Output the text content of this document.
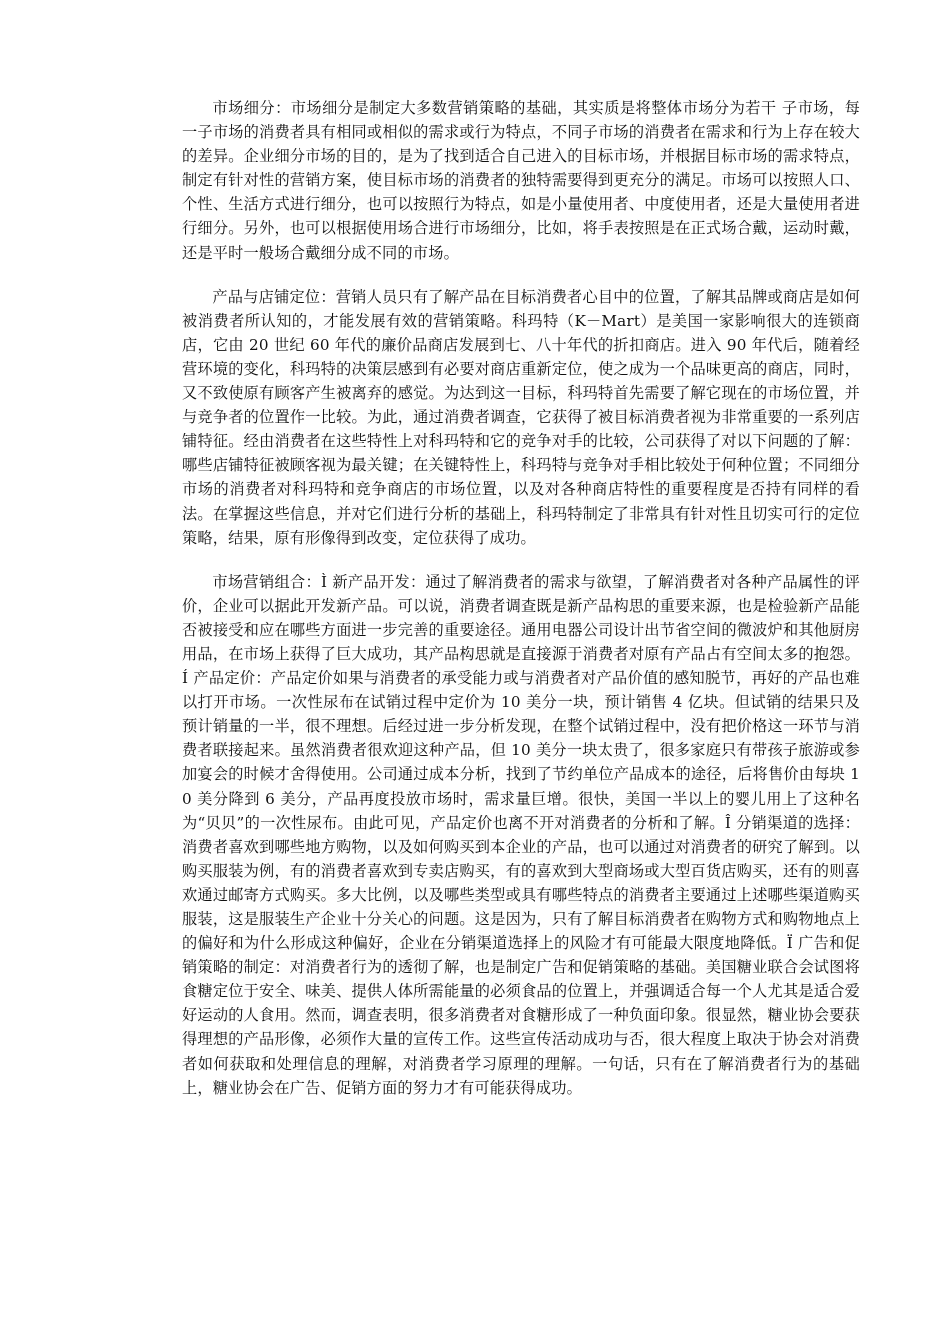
市场细分：市场细分是制定大多数营销策略的基础，其实质是将整体市场分为若干 子市场，每一子市场的消费者具有相同或相似的需求或行为特点，不同子市场的消费者在需求和行为上存在较大的差异。企业细分市场的目的，是为了找到适合自己进入的目标市场，并根据目标市场的需求特点，制定有针对性的营销方案，使目标市场的消费者的独特需要得到更充分的满足。市场可以按照人口、个性、生活方式进行细分，也可以按照行为特点，如是小量使用者、中度使用者，还是大量使用者进行细分。另外，也可以根据使用场合进行市场细分，比如，将手表按照是在正式场合戴，运动时戴，还是平时一般场合戴细分成不同的市场。

产品与店铺定位：营销人员只有了解产品在目标消费者心目中的位置，了解其品牌或商店是如何被消费者所认知的，才能发展有效的营销策略。科玛特（K－Mart）是美国一家影响很大的连锁商店，它由 20 世纪 60 年代的廉价品商店发展到七、八十年代的折扣商店。进入 90 年代后，随着经营环境的变化，科玛特的决策层感到有必要对商店重新定位，使之成为一个品味更高的商店，同时，又不致使原有顾客产生被离弃的感觉。为达到这一目标，科玛特首先需要了解它现在的市场位置，并与竞争者的位置作一比较。为此，通过消费者调查，它获得了被目标消费者视为非常重要的一系列店铺特征。经由消费者在这些特性上对科玛特和它的竞争对手的比较，公司获得了对以下问题的了解：哪些店铺特征被顾客视为最关键；在关键特性上，科玛特与竞争对手相比较处于何种位置；不同细分市场的消费者对科玛特和竞争商店的市场位置，以及对各种商店特性的重要程度是否持有同样的看法。在掌握这些信息，并对它们进行分析的基础上，科玛特制定了非常具有针对性且切实可行的定位策略，结果，原有形像得到改变，定位获得了成功。

市场营销组合：Ì 新产品开发：通过了解消费者的需求与欲望，了解消费者对各种产品属性的评价，企业可以据此开发新产品。可以说，消费者调查既是新产品构思的重要来源，也是检验新产品能否被接受和应在哪些方面进一步完善的重要途径。通用电器公司设计出节省空间的微波炉和其他厨房用品，在市场上获得了巨大成功，其产品构思就是直接源于消费者对原有产品占有空间太多的抱怨。Í 产品定价：产品定价如果与消费者的承受能力或与消费者对产品价值的感知脱节，再好的产品也难以打开市场。一次性尿布在试销过程中定价为 10 美分一块，预计销售 4 亿块。但试销的结果只及预计销量的一半，很不理想。后经过进一步分析发现，在整个试销过程中，没有把价格这一环节与消费者联接起来。虽然消费者很欢迎这种产品，但 10 美分一块太贵了，很多家庭只有带孩子旅游或参加宴会的时候才舍得使用。公司通过成本分析，找到了节约单位产品成本的途径，后将售价由每块 10 美分降到 6 美分，产品再度投放市场时，需求量巨增。很快，美国一半以上的婴儿用上了这种名为“贝贝”的一次性尿布。由此可见，产品定价也离不开对消费者的分析和了解。Î 分销渠道的选择：消费者喜欢到哪些地方购物，以及如何购买到本企业的产品，也可以通过对消费者的研究了解到。以购买服装为例，有的消费者喜欢到专卖店购买，有的喜欢到大型商场或大型百货店购买，还有的则喜欢通过邮寄方式购买。多大比例，以及哪些类型或具有哪些特点的消费者主要通过上述哪些渠道购买服装，这是服装生产企业十分关心的问题。这是因为，只有了解目标消费者在购物方式和购物地点上的偏好和为什么形成这种偏好，企业在分销渠道选择上的风险才有可能最大限度地降低。Ï 广告和促销策略的制定：对消费者行为的透彻了解，也是制定广告和促销策略的基础。美国糖业联合会试图将食糖定位于安全、味美、提供人体所需能量的必须食品的位置上，并强调适合每一个人尤其是适合爱好运动的人食用。然而，调查表明，很多消费者对食糖形成了一种负面印象。很显然，糖业协会要获得理想的产品形像，必须作大量的宣传工作。这些宣传活动成功与否，很大程度上取决于协会对消费者如何获取和处理信息的理解，对消费者学习原理的理解。一句话，只有在了解消费者行为的基础上，糖业协会在广告、促销方面的努力才有可能获得成功。
